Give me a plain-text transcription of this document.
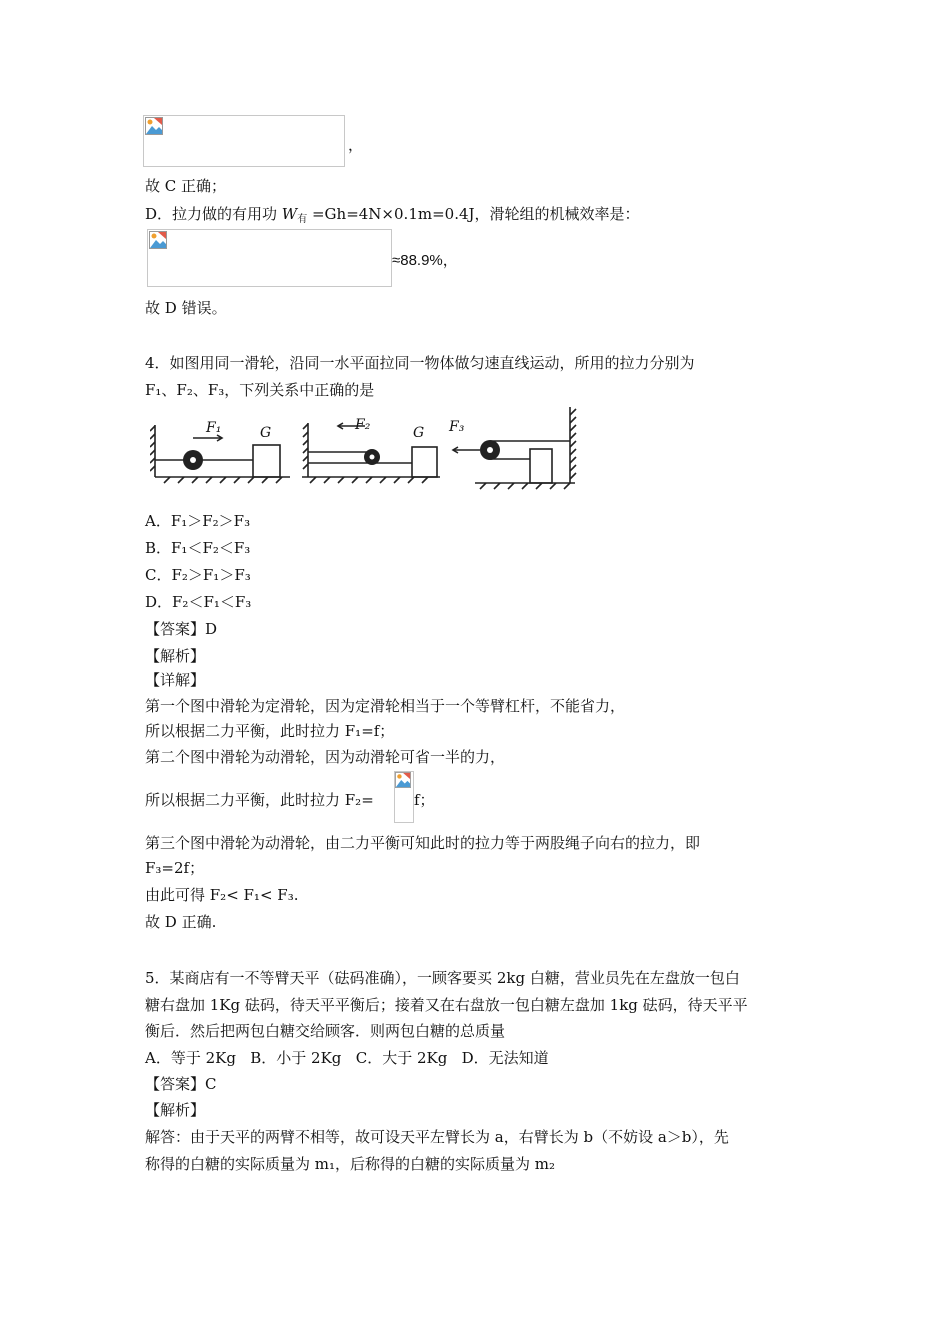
，
故 C 正确；
D．拉力做的有用功 $W_有 =Gh=4N\times 0.1m=0.4J$，滑轮组的机械效率是：
≈88.9%，
故 D 错误。
4．如图用同一滑轮，沿同一水平面拉同一物体做匀速直线运动，所用的拉力分别为
F₁、F₂、F₃，下列关系中正确的是
F₁	G	F₂	G F₃
A．F₁＞F₂＞F₃
B．F₁＜F₂＜F₃
C．F₂＞F₁＞F₃
D．F₂＜F₁＜F₃
【答案】D
【解析】
【详解】
第一个图中滑轮为定滑轮，因为定滑轮相当于一个等臂杠杆，不能省力，
所以根据二力平衡，此时拉力 F₁=f；
第二个图中滑轮为动滑轮，因为动滑轮可省一半的力，
所以根据二力平衡，此时拉力 F₂=	f；
第三个图中滑轮为动滑轮，由二力平衡可知此时的拉力等于两股绳子向右的拉力，即
F₃=2f；
由此可得 F₂< F₁< F₃.
故 D 正确.
5．某商店有一不等臂天平（砝码准确），一顾客要买 2kg 白糖，营业员先在左盘放一包白
糖右盘加 1Kg 砝码，待天平平衡后；接着又在右盘放一包白糖左盘加 1kg 砝码，待天平平
衡后．然后把两包白糖交给顾客．则两包白糖的总质量
A．等于 2Kg B．小于 2Kg C．大于 2Kg D．无法知道
【答案】C
【解析】
解答：由于天平的两臂不相等，故可设天平左臂长为 a，右臂长为 b（不妨设 a＞b），先
称得的白糖的实际质量为 m₁，后称得的白糖的实际质量为 m₂
